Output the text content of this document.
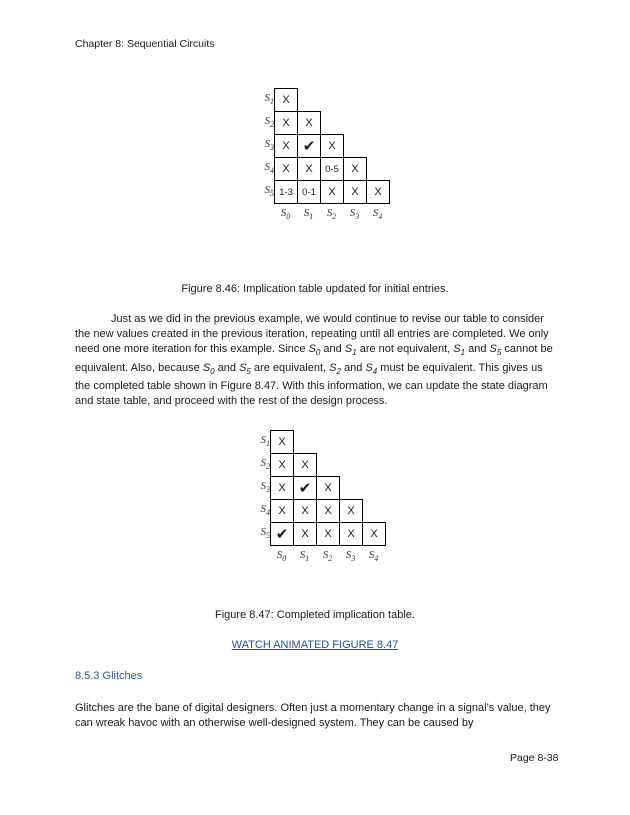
Chapter 8: Sequential Circuits
$S_1$ X
$S_2$ X	X
$S_3$ X ✔	X
$S_4$ X	X	0-5	X
$S_5$ 1-3 0-1	X	X	X
$S_0$	$S_1$	$S_2$	$S_3$	$S_4$
Figure 8.46: Implication table updated for initial entries.
Just as we did in the previous example, we would continue to revise our table to consider the new values created in the previous iteration, repeating until all entries are completed. We only need one more iteration for this example. Since $S_0$ and $S_1$ are not equivalent, $S_1$ and $S_5$ cannot be equivalent. Also, because $S_0$ and $S_5$ are equivalent, $S_2$ and $S_4$ must be equivalent. This gives us the completed table shown in Figure 8.47. With this information, we can update the state diagram and state table, and proceed with the rest of the design process.
$S_1$ X
$S_2$ X	X
$S_3$ X ✔	X
$S_4$ X	X	X	X
$S_5$ ✔	X	X	X	X
$S_0$	$S_1$	$S_2$	$S_3$	$S_4$
Figure 8.47: Completed implication table.
WATCH ANIMATED FIGURE 8.47
8.5.3 Glitches
Glitches are the bane of digital designers. Often just a momentary change in a signal’s value, they can wreak havoc with an otherwise well-designed system. They can be caused by
Page 8-38
